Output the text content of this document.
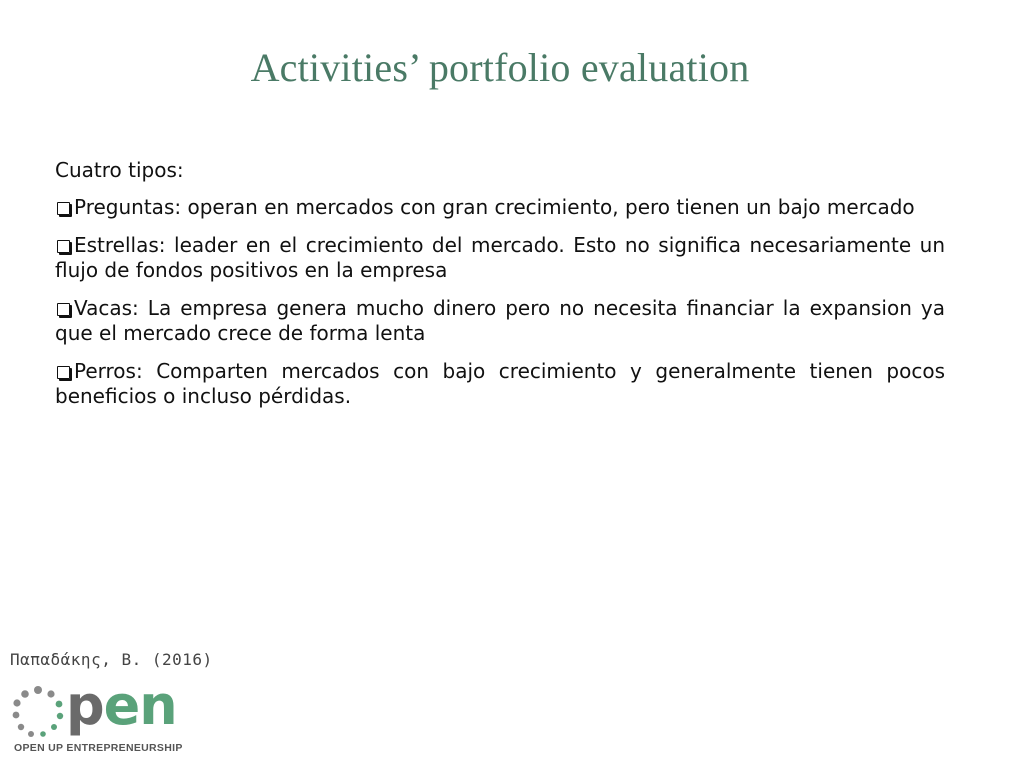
Activities’ portfolio evaluation

Cuatro tipos:

Preguntas: operan en mercados con gran crecimiento, pero tienen un bajo mercado

Estrellas: leader en el crecimiento del mercado. Esto no significa necesariamente un flujo de fondos positivos en la empresa

Vacas: La empresa genera mucho dinero pero no necesita financiar la expansion ya que el mercado crece de forma lenta

Perros: Comparten mercados con bajo crecimiento y generalmente tienen pocos beneficios o incluso pérdidas.

Παπαδάκης, Β. (2016)
pen
OPEN UP ENTREPRENEURSHIP
